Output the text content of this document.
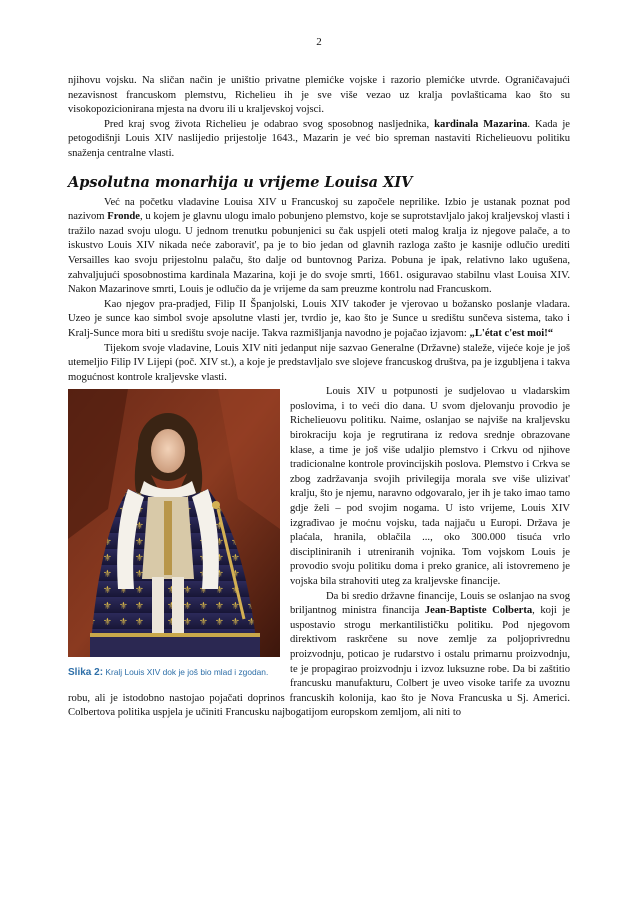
2

njihovu vojsku. Na sličan način je uništio privatne plemićke vojske i razorio plemićke utvrde. Ograničavajući nezavisnost francuskom plemstvu, Richelieu ih je sve više vezao uz kralja povlašticama kao što su visokopozicionirana mjesta na dvoru ili u kraljevskoj vojsci.

Pred kraj svog života Richelieu je odabrao svog sposobnog nasljednika, kardinala Mazarina. Kada je petogodišnji Louis XIV naslijedio prijestolje 1643., Mazarin je već bio spreman nastaviti Richelieuovu politiku snaženja centralne vlasti.

Apsolutna monarhija u vrijeme Louisa XIV

Već na početku vladavine Louisa XIV u Francuskoj su započele neprilike. Izbio je ustanak poznat pod nazivom Fronde, u kojem je glavnu ulogu imalo pobunjeno plemstvo, koje se suprotstavljalo jakoj kraljevskoj vlasti i tražilo nazad svoju ulogu. U jednom trenutku pobunjenici su čak uspjeli oteti malog kralja iz njegove palače, a to iskustvo Louis XIV nikada neće zaboravit', pa je to bio jedan od glavnih razloga zašto je kasnije odlučio urediti Versailles kao svoju prijestolnu palaču, što dalje od buntovnog Pariza. Pobuna je ipak, relativno lako ugušena, zahvaljujući sposobnostima kardinala Mazarina, koji je do svoje smrti, 1661. osiguravao stabilnu vlast Louisa XIV. Nakon Mazarinove smrti, Louis je odlučio da je vrijeme da sam preuzme kontrolu nad Francuskom.

Kao njegov pra-pradjed, Filip II Španjolski, Louis XIV također je vjerovao u božansko poslanje vladara. Uzeo je sunce kao simbol svoje apsolutne vlasti jer, tvrdio je, kao što je Sunce u središtu sunčeva sistema, tako i Kralj-Sunce mora biti u središtu svoje nacije. Takva razmišljanja navodno je pojačao izjavom: „L'état c'est moi!“

Tijekom svoje vladavine, Louis XIV niti jedanput nije sazvao Generalne (Državne) staleže, vijeće koje je još utemeljio Filip IV Lijepi (poč. XIV st.), a koje je predstavljalo sve slojeve francuskog društva, pa je izgubljena i takva mogućnost kontrole kraljevske vlasti.

Slika 2: Kralj Louis XIV dok je još bio mlad i zgodan.

Louis XIV u potpunosti je sudjelovao u vladarskim poslovima, i to veći dio dana. U svom djelovanju provodio je Richelieuovu politiku. Naime, oslanjao se najviše na kraljevsku birokraciju koja je regrutirana iz redova srednje obrazovane klase, a time je još više udaljio plemstvo i Crkvu od njihove tradicionalne kontrole provincijskih poslova. Plemstvo i Crkva se zbog zadržavanja svojih privilegija morala sve više ulizivat' kralju, što je njemu, naravno odgovaralo, jer ih je tako imao tamo gdje želi – pod svojim nogama. U isto vrijeme, Louis XIV izgrađivao je moćnu vojsku, tada najjaču u Europi. Država je plaćala, hranila, oblačila ..., oko 300.000 tisuća vrlo discipliniranih i utreniranih vojnika. Tom vojskom Louis je provodio svoju politiku doma i preko granice, ali istovremeno je vojska bila strahoviti uteg za kraljevske financije.

Da bi sredio državne financije, Louis se oslanjao na svog briljantnog ministra financija Jean-Baptiste Colberta, koji je uspostavio strogu merkantilističku politiku. Pod njegovom direktivom raskrčene su nove zemlje za poljoprivrednu proizvodnju, poticao je rudarstvo i ostalu primarnu proizvodnju, te je propagirao proizvodnju i izvoz luksuzne robe. Da bi zaštitio francusku manufakturu, Colbert je uveo visoke tarife za uvoznu robu, ali je istodobno nastojao pojačati doprinos francuskih kolonija, kao što je Nova Francuska u Sj. Americi. Colbertova politika uspjela je učiniti Francusku najbogatijom europskom zemljom, ali niti to
